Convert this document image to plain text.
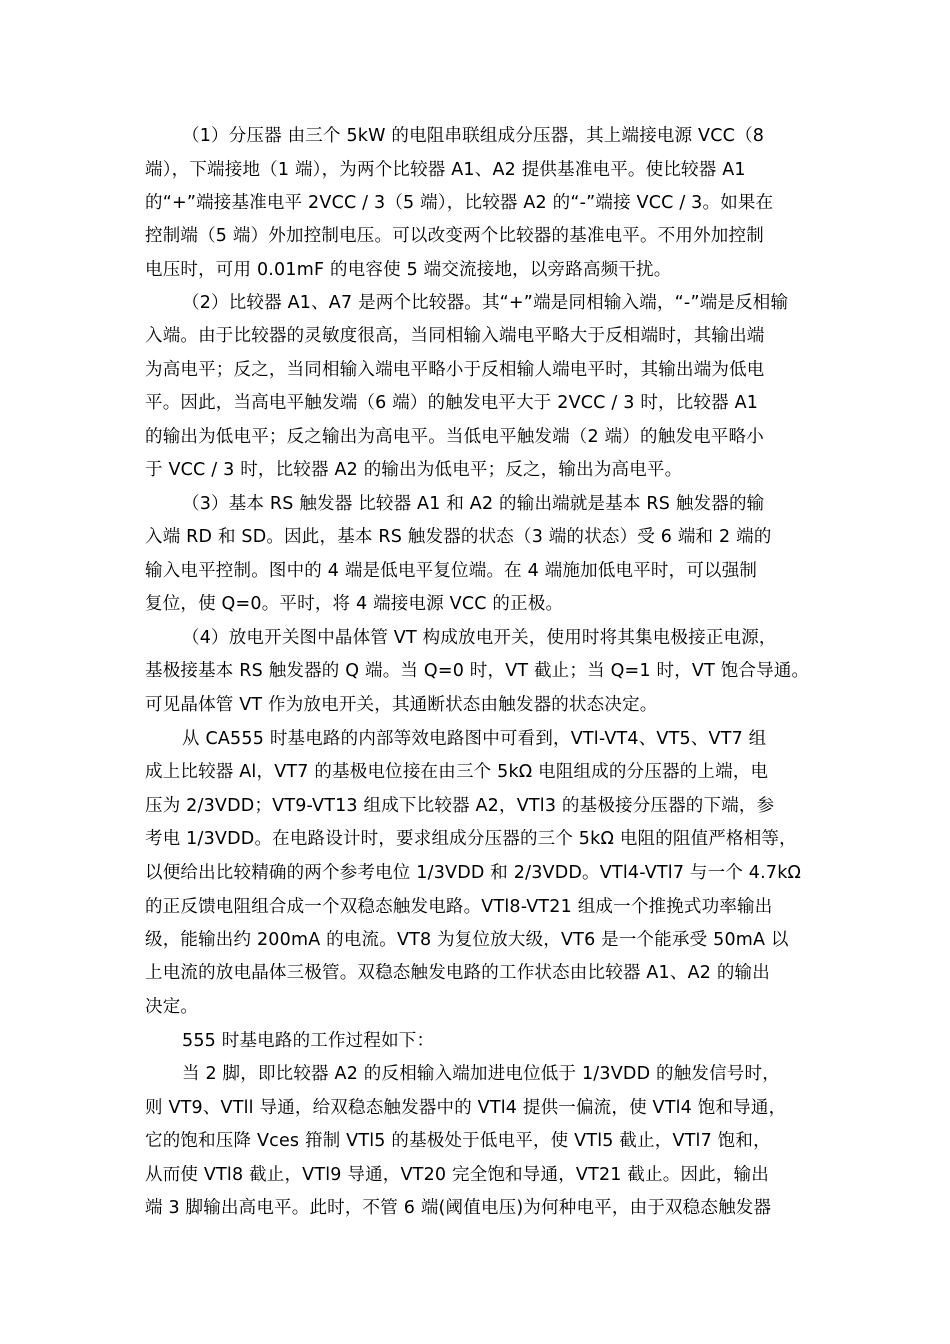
（1）分压器 由三个 5kW 的电阻串联组成分压器，其上端接电源 VCC（8
端），下端接地（1 端），为两个比较器 A1、A2 提供基准电平。使比较器 A1
的“+”端接基准电平 2VCC / 3（5 端），比较器 A2 的“-”端接 VCC / 3。如果在
控制端（5 端）外加控制电压。可以改变两个比较器的基准电平。不用外加控制
电压时，可用 0.01mF 的电容使 5 端交流接地，以旁路高频干扰。
（2）比较器 A1、A7 是两个比较器。其“+”端是同相输入端，“-”端是反相输
入端。由于比较器的灵敏度很高，当同相输入端电平略大于反相端时，其输出端
为高电平；反之，当同相输入端电平略小于反相输人端电平时，其输出端为低电
平。因此，当高电平触发端（6 端）的触发电平大于 2VCC / 3 时，比较器 A1
的输出为低电平；反之输出为高电平。当低电平触发端（2 端）的触发电平略小
于 VCC / 3 时，比较器 A2 的输出为低电平；反之，输出为高电平。
（3）基本 RS 触发器 比较器 A1 和 A2 的输出端就是基本 RS 触发器的输
入端 RD 和 SD。因此，基本 RS 触发器的状态（3 端的状态）受 6 端和 2 端的
输入电平控制。图中的 4 端是低电平复位端。在 4 端施加低电平时，可以强制
复位，使 Q=0。平时，将 4 端接电源 VCC 的正极。
（4）放电开关图中晶体管 VT 构成放电开关，使用时将其集电极接正电源，
基极接基本 RS 触发器的 Q 端。当 Q=0 时，VT 截止；当 Q=1 时，VT 饱合导通。
可见晶体管 VT 作为放电开关，其通断状态由触发器的状态决定。
从 CA555 时基电路的内部等效电路图中可看到，VTl-VT4、VT5、VT7 组
成上比较器 Al，VT7 的基极电位接在由三个 5kΩ 电阻组成的分压器的上端，电
压为 2/3VDD；VT9-VT13 组成下比较器 A2，VTl3 的基极接分压器的下端，参
考电 1/3VDD。在电路设计时，要求组成分压器的三个 5kΩ 电阻的阻值严格相等，
以便给出比较精确的两个参考电位 1/3VDD 和 2/3VDD。VTl4-VTl7 与一个 4.7kΩ
的正反馈电阻组合成一个双稳态触发电路。VTl8-VT21 组成一个推挽式功率输出
级，能输出约 200mA 的电流。VT8 为复位放大级，VT6 是一个能承受 50mA 以
上电流的放电晶体三极管。双稳态触发电路的工作状态由比较器 A1、A2 的输出
决定。
555 时基电路的工作过程如下：
当 2 脚，即比较器 A2 的反相输入端加进电位低于 1/3VDD 的触发信号时，
则 VT9、VTll 导通，给双稳态触发器中的 VTl4 提供一偏流，使 VTl4 饱和导通，
它的饱和压降 Vces 箝制 VTl5 的基极处于低电平，使 VTl5 截止，VTl7 饱和，
从而使 VTl8 截止，VTl9 导通，VT20 完全饱和导通，VT21 截止。因此，输出
端 3 脚输出高电平。此时，不管 6 端(阈值电压)为何种电平，由于双稳态触发器
